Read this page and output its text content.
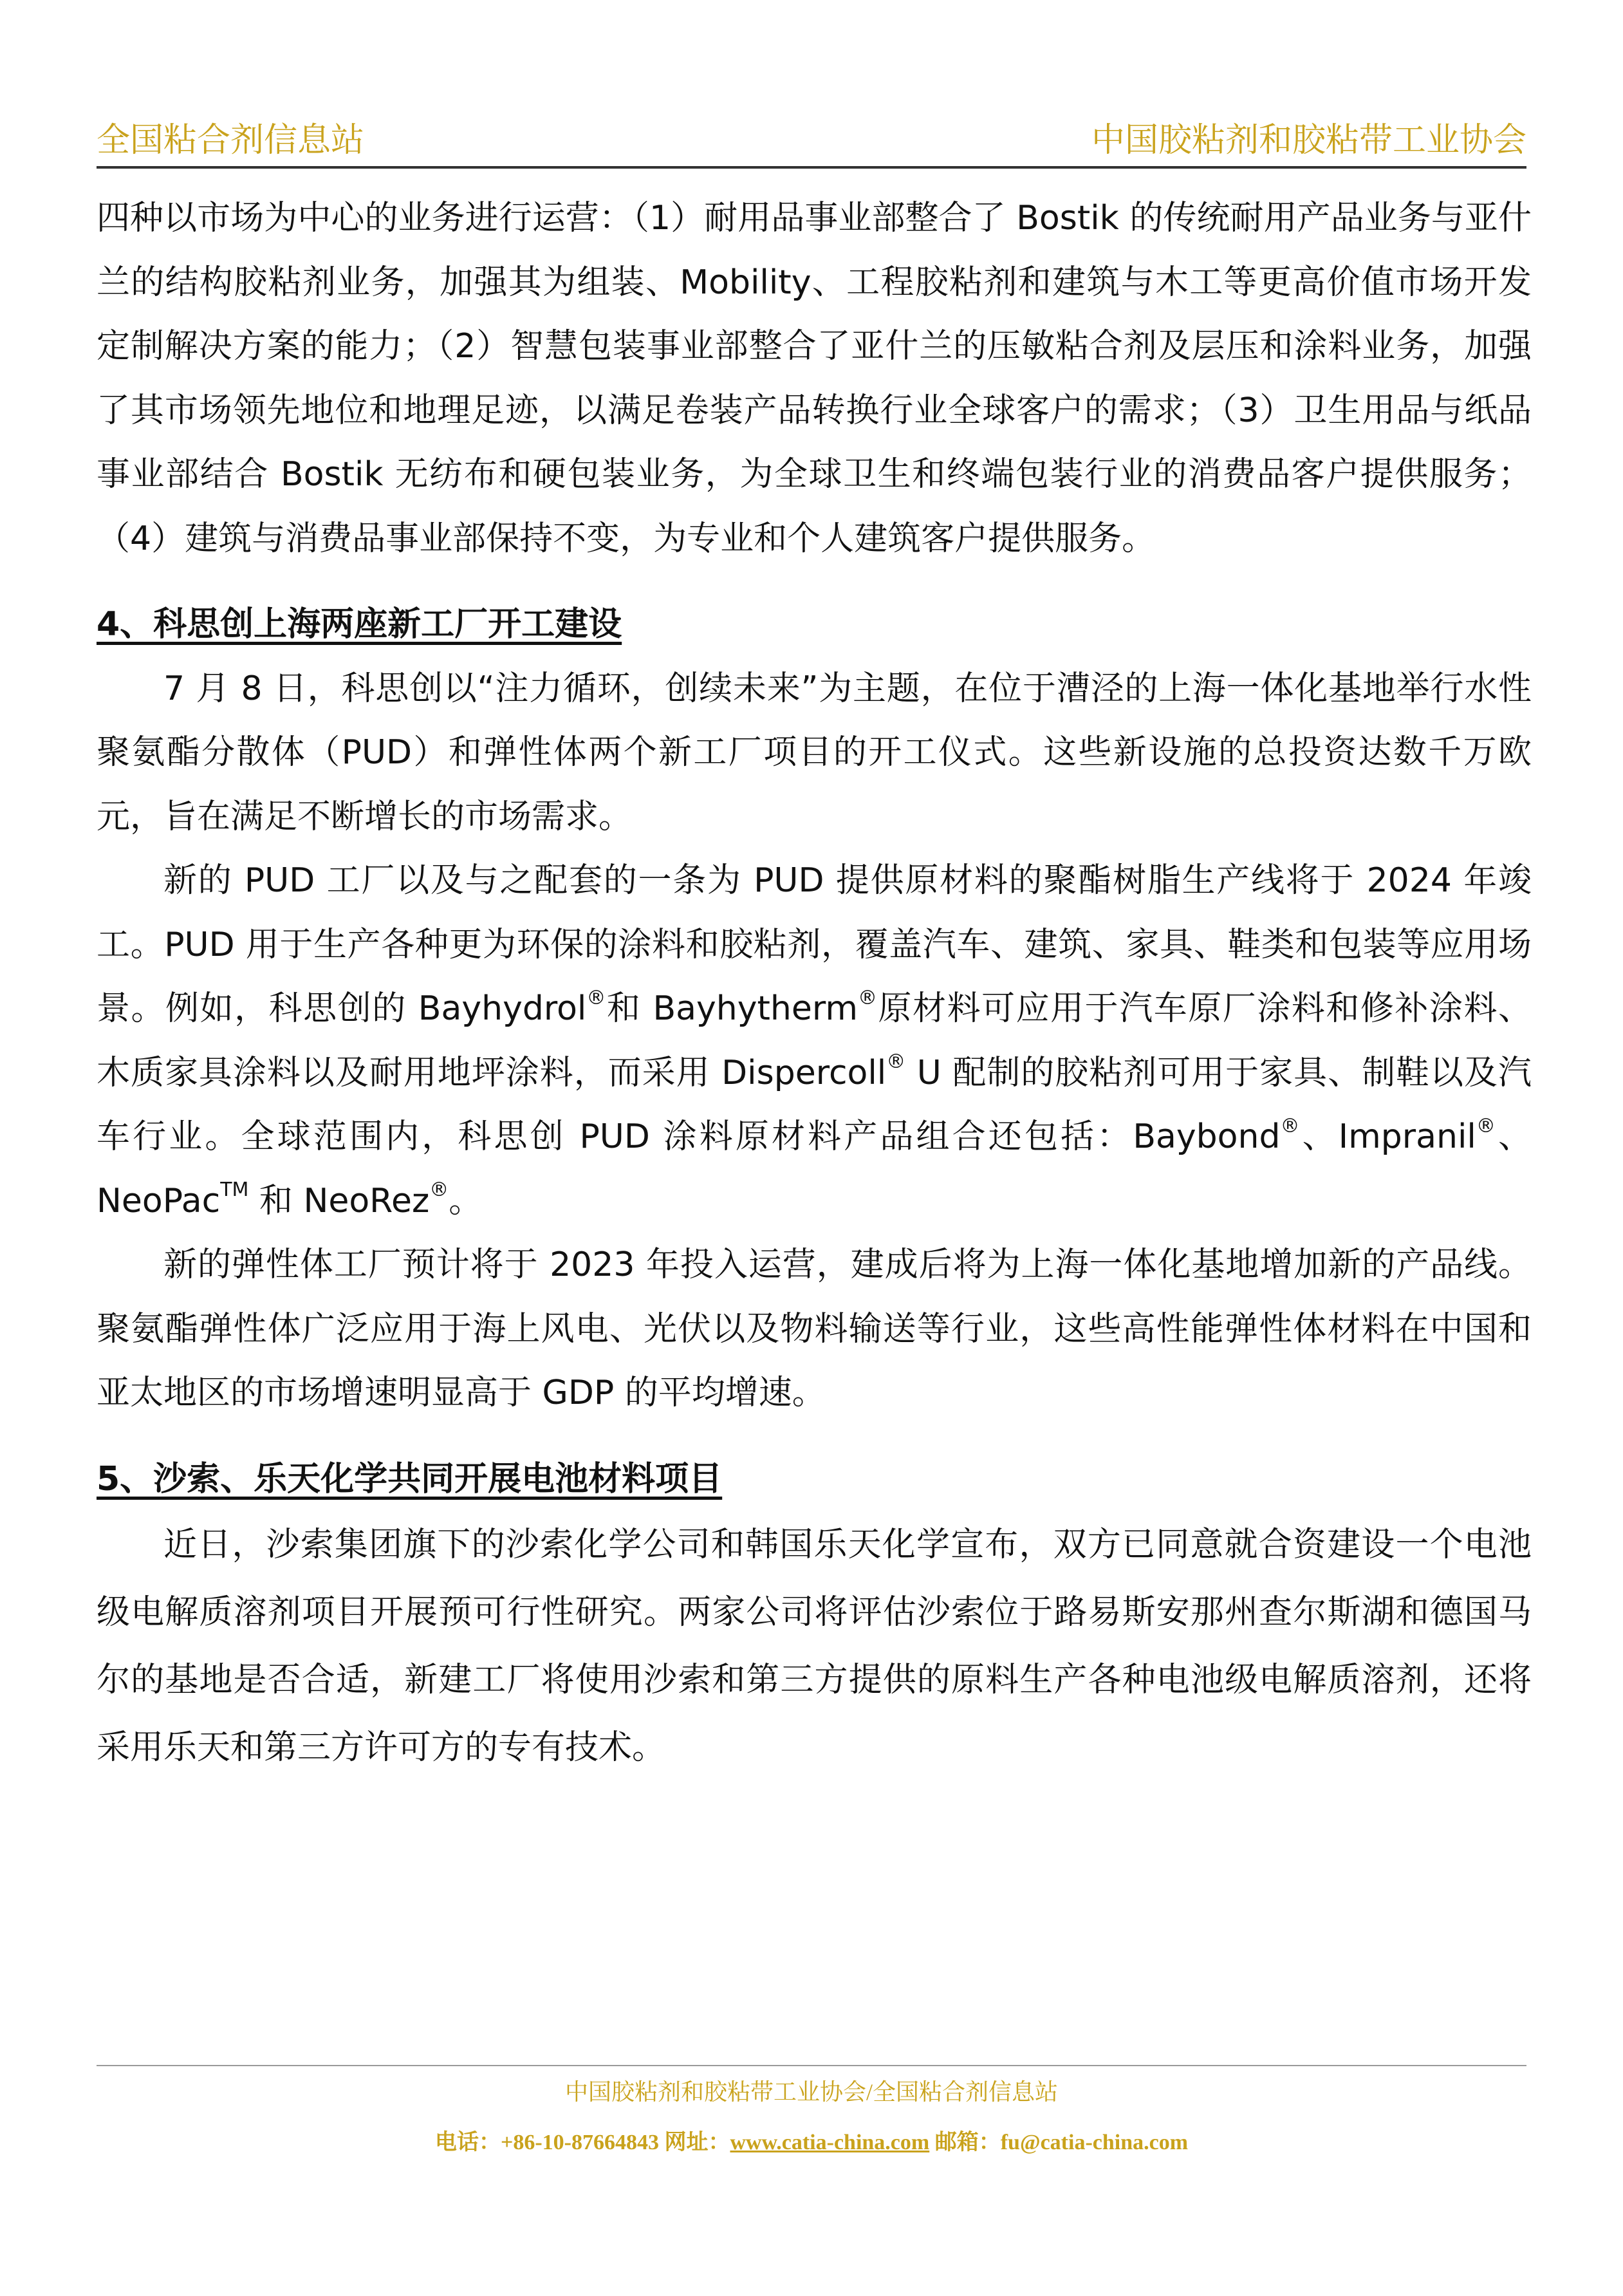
全国粘合剂信息站	中国胶粘剂和胶粘带工业协会

四种以市场为中心的业务进行运营：（1）耐用品事业部整合了 Bostik 的传统耐用产品业务与亚什兰的结构胶粘剂业务，加强其为组装、Mobility、工程胶粘剂和建筑与木工等更高价值市场开发定制解决方案的能力；（2）智慧包装事业部整合了亚什兰的压敏粘合剂及层压和涂料业务，加强了其市场领先地位和地理足迹，以满足卷装产品转换行业全球客户的需求；（3）卫生用品与纸品事业部结合 Bostik 无纺布和硬包装业务，为全球卫生和终端包装行业的消费品客户提供服务；（4）建筑与消费品事业部保持不变，为专业和个人建筑客户提供服务。

4、科思创上海两座新工厂开工建设

7 月 8 日，科思创以“注力循环，创续未来”为主题，在位于漕泾的上海一体化基地举行水性聚氨酯分散体（PUD）和弹性体两个新工厂项目的开工仪式。这些新设施的总投资达数千万欧元，旨在满足不断增长的市场需求。

新的 PUD 工厂以及与之配套的一条为 PUD 提供原材料的聚酯树脂生产线将于 2024 年竣工。PUD 用于生产各种更为环保的涂料和胶粘剂，覆盖汽车、建筑、家具、鞋类和包装等应用场景。例如，科思创的 Bayhydrol®和 Bayhytherm®原材料可应用于汽车原厂涂料和修补涂料、木质家具涂料以及耐用地坪涂料，而采用 Dispercoll® U 配制的胶粘剂可用于家具、制鞋以及汽车行业。全球范围内，科思创 PUD 涂料原材料产品组合还包括：Baybond®、Impranil®、NeoPac™ 和 NeoRez®。

新的弹性体工厂预计将于 2023 年投入运营，建成后将为上海一体化基地增加新的产品线。聚氨酯弹性体广泛应用于海上风电、光伏以及物料输送等行业，这些高性能弹性体材料在中国和亚太地区的市场增速明显高于 GDP 的平均增速。

5、沙索、乐天化学共同开展电池材料项目

近日，沙索集团旗下的沙索化学公司和韩国乐天化学宣布，双方已同意就合资建设一个电池级电解质溶剂项目开展预可行性研究。两家公司将评估沙索位于路易斯安那州查尔斯湖和德国马尔的基地是否合适，新建工厂将使用沙索和第三方提供的原料生产各种电池级电解质溶剂，还将采用乐天和第三方许可方的专有技术。

中国胶粘剂和胶粘带工业协会/全国粘合剂信息站
电话：+86-10-87664843 网址：www.catia-china.com 邮箱：fu@catia-china.com
